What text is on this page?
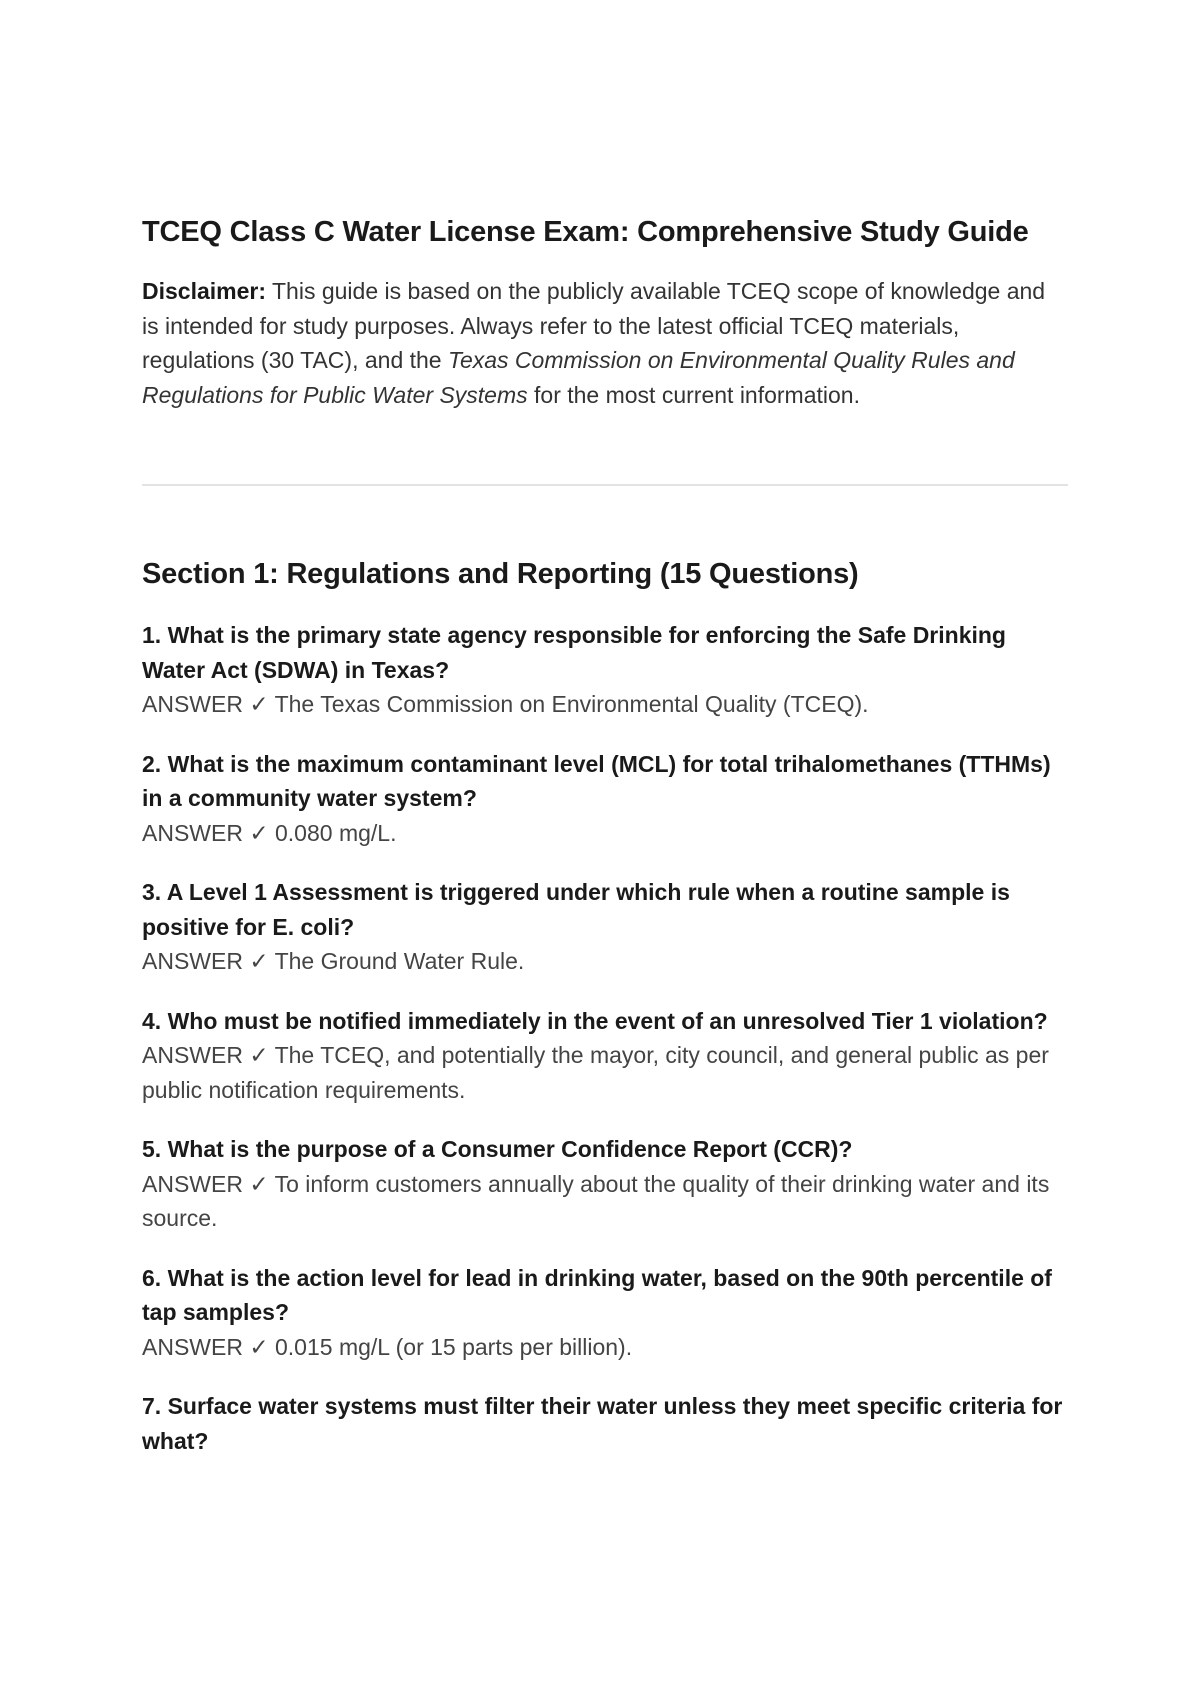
TCEQ Class C Water License Exam: Comprehensive Study Guide

Disclaimer: This guide is based on the publicly available TCEQ scope of knowledge and is intended for study purposes. Always refer to the latest official TCEQ materials, regulations (30 TAC), and the Texas Commission on Environmental Quality Rules and Regulations for Public Water Systems for the most current information.

Section 1: Regulations and Reporting (15 Questions)

1. What is the primary state agency responsible for enforcing the Safe Drinking Water Act (SDWA) in Texas?

ANSWER ✓ The Texas Commission on Environmental Quality (TCEQ).

2. What is the maximum contaminant level (MCL) for total trihalomethanes (TTHMs) in a community water system?

ANSWER ✓ 0.080 mg/L.

3. A Level 1 Assessment is triggered under which rule when a routine sample is positive for E. coli?

ANSWER ✓ The Ground Water Rule.

4. Who must be notified immediately in the event of an unresolved Tier 1 violation?

ANSWER ✓ The TCEQ, and potentially the mayor, city council, and general public as per public notification requirements.

5. What is the purpose of a Consumer Confidence Report (CCR)?

ANSWER ✓ To inform customers annually about the quality of their drinking water and its source.

6. What is the action level for lead in drinking water, based on the 90th percentile of tap samples?

ANSWER ✓ 0.015 mg/L (or 15 parts per billion).

7. Surface water systems must filter their water unless they meet specific criteria for what?
